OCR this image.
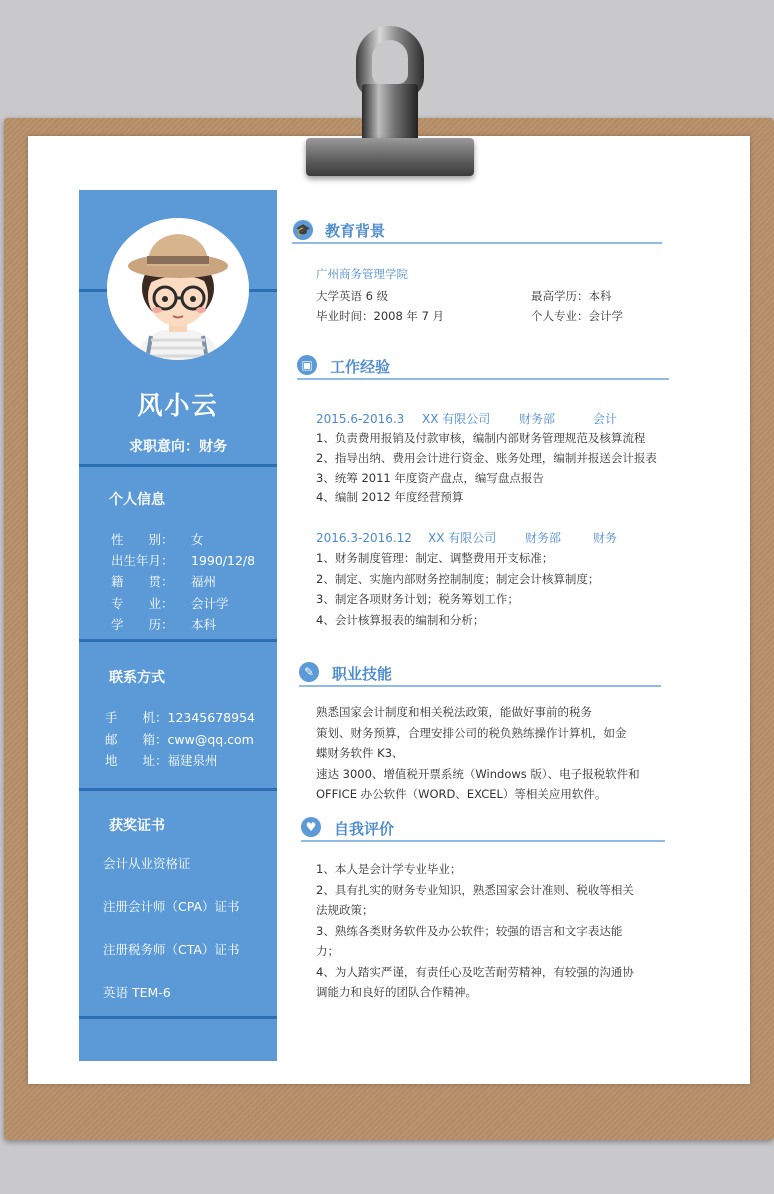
风小云
求职意向：财务
个人信息
性　　别： 女
出生年月： 1990/12/8
籍　　贯： 福州
专　　业： 会计学
学　　历： 本科
联系方式
手　　机：12345678954
邮　　箱：cww@qq.com
地　　址：福建泉州
获奖证书
会计从业资格证
注册会计师（CPA）证书
注册税务师（CTA）证书
英语 TEM-6
🎓 教育背景
广州商务管理学院
大学英语 6 级	最高学历：本科
毕业时间：2008 年 7 月	个人专业：会计学
▣ 工作经验
2015.6-2016.3 XX 有限公司 财务部	会计
1、负责费用报销及付款审核，编制内部财务管理规范及核算流程
2、指导出纳、费用会计进行资金、账务处理，编制并报送会计报表
3、统筹 2011 年度资产盘点，编写盘点报告
4、编制 2012 年度经营预算
2016.3-2016.12 XX 有限公司 财务部	财务
1、财务制度管理：制定、调整费用开支标准；
2、制定、实施内部财务控制制度；制定会计核算制度；
3、制定各项财务计划；税务筹划工作；
4、会计核算报表的编制和分析；
✎	职业技能
熟悉国家会计制度和相关税法政策，能做好事前的税务
策划、财务预算，合理安排公司的税负熟练操作计算机，如金
蝶财务软件 K3、
速达 3000、增值税开票系统（Windows 版）、电子报税软件和
OFFICE 办公软件（WORD、EXCEL）等相关应用软件。
♥	自我评价
1、本人是会计学专业毕业；
2、具有扎实的财务专业知识，熟悉国家会计准则、税收等相关
法规政策；
3、熟练各类财务软件及办公软件；较强的语言和文字表达能
力；
4、为人踏实严谨，有责任心及吃苦耐劳精神，有较强的沟通协
调能力和良好的团队合作精神。
